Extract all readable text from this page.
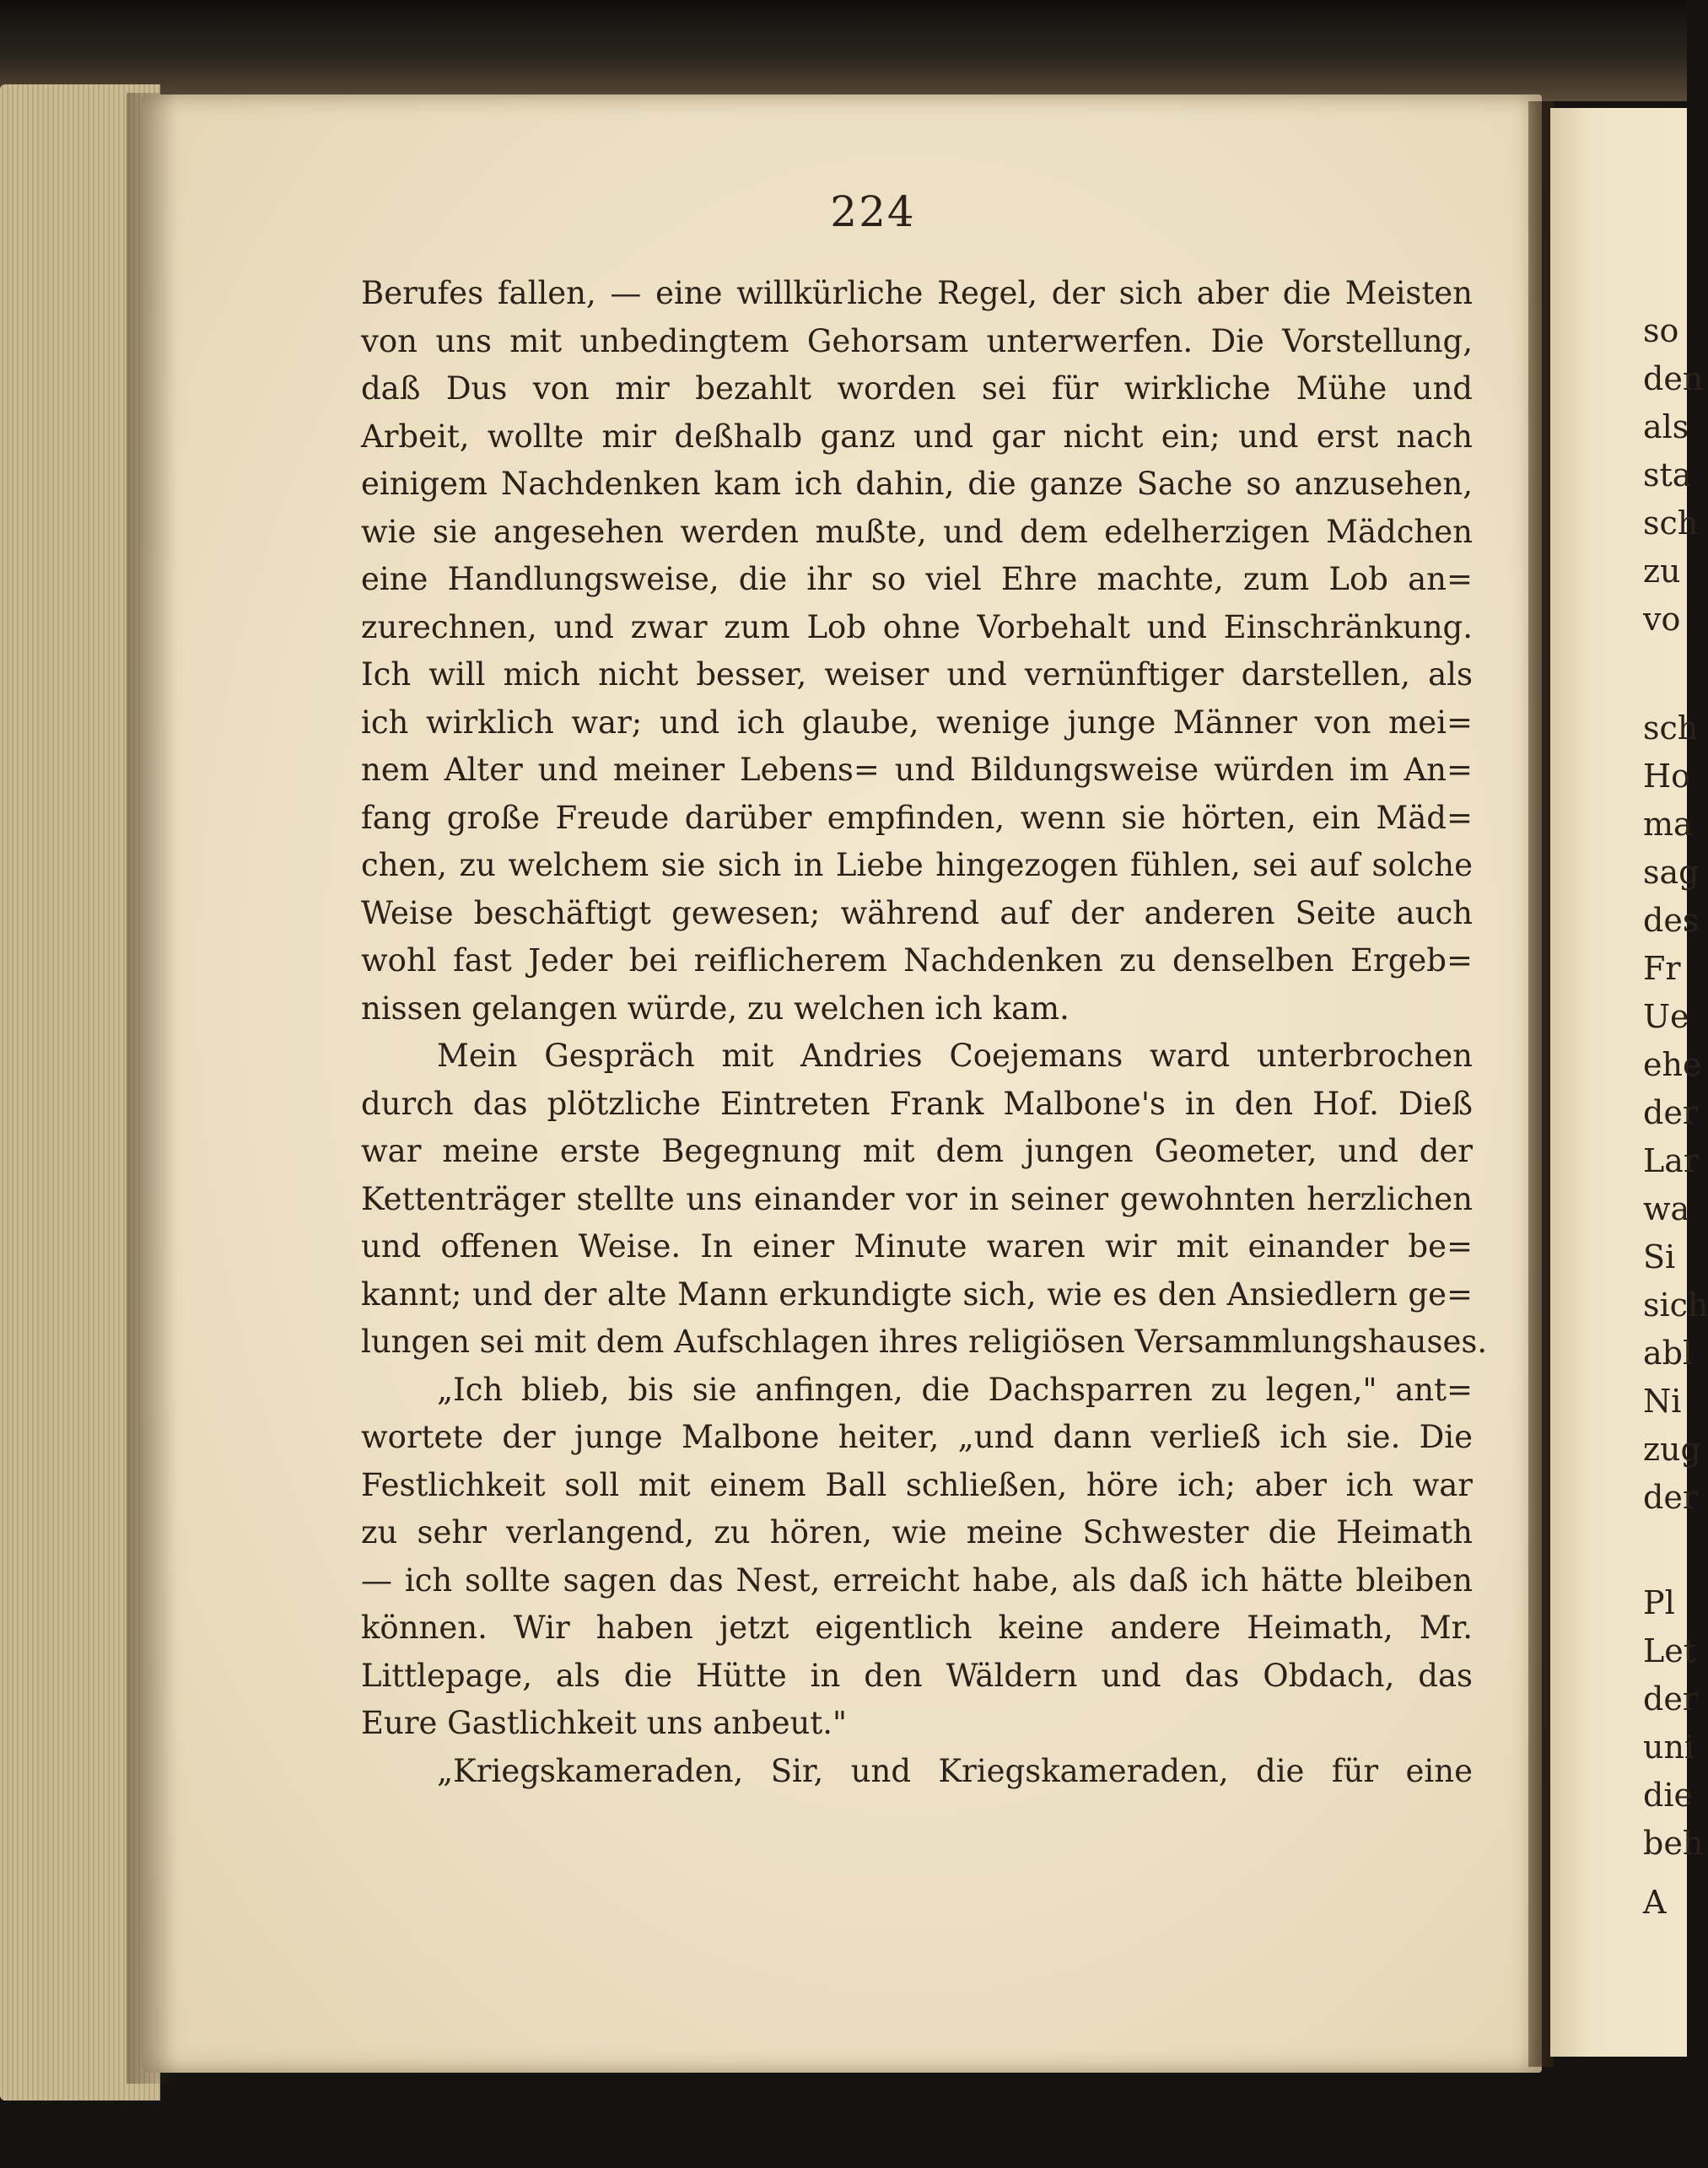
so
den
als
sta
sch
zu
vo
sch
Ho
ma
sag
des
Fr
Ue
ehe
der
Lar
wa
Si
sich
abl
Ni
zug
der
Pl
Let
der
uni
die
beh
A
224
Berufes fallen, — eine willkürliche Regel, der sich aber die Meisten
von uns mit unbedingtem Gehorsam unterwerfen. Die Vorstellung,
daß Dus von mir bezahlt worden sei für wirkliche Mühe und
Arbeit, wollte mir deßhalb ganz und gar nicht ein; und erst nach
einigem Nachdenken kam ich dahin, die ganze Sache so anzusehen,
wie sie angesehen werden mußte, und dem edelherzigen Mädchen
eine Handlungsweise, die ihr so viel Ehre machte, zum Lob an=
zurechnen, und zwar zum Lob ohne Vorbehalt und Einschränkung.
Ich will mich nicht besser, weiser und vernünftiger darstellen, als
ich wirklich war; und ich glaube, wenige junge Männer von mei=
nem Alter und meiner Lebens= und Bildungsweise würden im An=
fang große Freude darüber empfinden, wenn sie hörten, ein Mäd=
chen, zu welchem sie sich in Liebe hingezogen fühlen, sei auf solche
Weise beschäftigt gewesen; während auf der anderen Seite auch
wohl fast Jeder bei reiflicherem Nachdenken zu denselben Ergeb=
nissen gelangen würde, zu welchen ich kam.
Mein Gespräch mit Andries Coejemans ward unterbrochen
durch das plötzliche Eintreten Frank Malbone's in den Hof. Dieß
war meine erste Begegnung mit dem jungen Geometer, und der
Kettenträger stellte uns einander vor in seiner gewohnten herzlichen
und offenen Weise. In einer Minute waren wir mit einander be=
kannt; und der alte Mann erkundigte sich, wie es den Ansiedlern ge=
lungen sei mit dem Aufschlagen ihres religiösen Versammlungshauses.
„Ich blieb, bis sie anfingen, die Dachsparren zu legen," ant=
wortete der junge Malbone heiter, „und dann verließ ich sie. Die
Festlichkeit soll mit einem Ball schließen, höre ich; aber ich war
zu sehr verlangend, zu hören, wie meine Schwester die Heimath
— ich sollte sagen das Nest, erreicht habe, als daß ich hätte bleiben
können. Wir haben jetzt eigentlich keine andere Heimath, Mr.
Littlepage, als die Hütte in den Wäldern und das Obdach, das
Eure Gastlichkeit uns anbeut."
„Kriegskameraden, Sir, und Kriegskameraden, die für eine
